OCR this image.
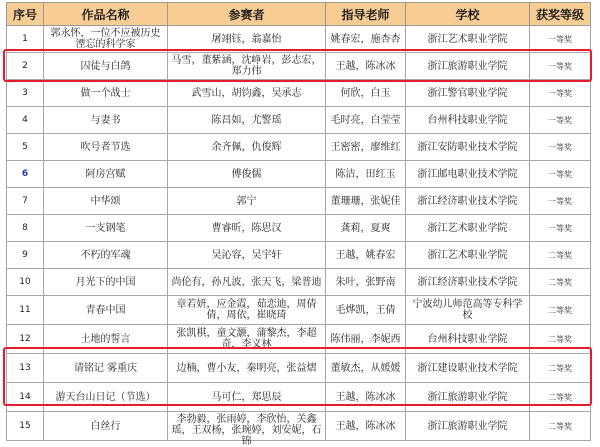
序号	作品名称	参赛者	指导老师	学校	获奖等级

1	郭永怀，一位不应被历史湮忘的科学家	屠翊钰，翁嘉怡	姚春宏，施杏杏	浙江艺术职业学院	一等奖

2	囚徒与白鸽	马雪，董紫涵，沈峥岩，彭志宏，郑力伟	王越，陈冰冰	浙江旅游职业学院	一等奖

3	做一个战士	武雪山，胡钧鑫，吴承志	何欣，白玉	浙江警官职业学院	一等奖

4	与妻书	陈昌如，尤警瑶	毛时亮，白莹莹	台州科技职业学院	一等奖

5	吹号者节选	余齐佩，仇俊辉	王密密，廖维红	浙江安防职业技术学院	一等奖

6	阿房宫赋	傅俊儒	陈洁，田红玉	浙江邮电职业技术学院	一等奖

7	中华颂	郭宁	董珊珊，张妮佳	浙江经济职业技术学院	一等奖

8	一支钢笔	曹睿昕，陈思汉	龚莉，夏爽	浙江艺术职业学院	一等奖

9	不朽的军魂	吴沁容，吴宇轩	王越，姚春宏	浙江艺术职业学院	二等奖

10	月光下的中国	尚伦有，孙凡波，张天飞，梁普迪	朱叶，张野南	浙江经济职业技术学院	二等奖

11	青春中国	章若妍，应金霞，茹恋迪，周倩倩，周依，崔晓琦	毛烨凯，王倩	宁波幼儿师范高等专科学校	二等奖

12	土地的誓言	张凯棋，童文灏，蒲黎杰，李超奇，李义林	陈伟丽，李妮西	台州科技职业学院	二等奖

13	请铭记 雾重庆	边楠，曹小友，秦明亮，张益熠	董敏杰，从媛媛	浙江建设职业技术学院	二等奖

14	游天台山日记（节选）	马可仁，郑思辰	王越，陈冰冰	浙江旅游职业学院	二等奖

15	白丝行	李勃毅，张雨婷，李欣怡，关鑫瑶，王双杨，张琬婷，刘安妮，石锦	王越，陈冰冰	浙江旅游职业学院	二等奖
